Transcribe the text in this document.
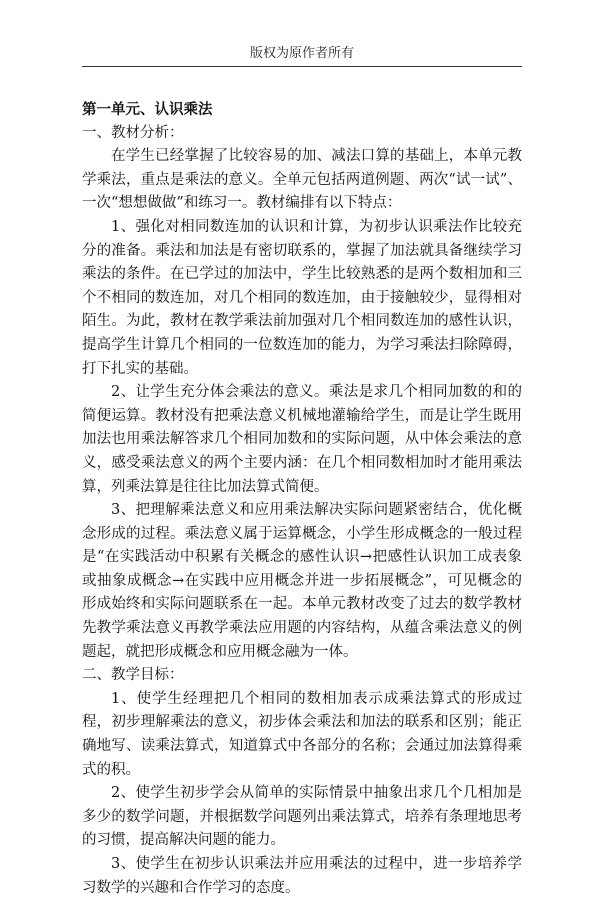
版权为原作者所有

第一单元、认识乘法

一、教材分析：

在学生已经掌握了比较容易的加、减法口算的基础上，本单元教学乘法，重点是乘法的意义。全单元包括两道例题、两次“试一试”、一次“想想做做”和练习一。教材编排有以下特点：

1、强化对相同数连加的认识和计算，为初步认识乘法作比较充分的准备。乘法和加法是有密切联系的，掌握了加法就具备继续学习乘法的条件。在已学过的加法中，学生比较熟悉的是两个数相加和三个不相同的数连加，对几个相同的数连加，由于接触较少，显得相对陌生。为此，教材在教学乘法前加强对几个相同数连加的感性认识，提高学生计算几个相同的一位数连加的能力，为学习乘法扫除障碍，打下扎实的基础。

2、让学生充分体会乘法的意义。乘法是求几个相同加数的和的简便运算。教材没有把乘法意义机械地灌输给学生，而是让学生既用加法也用乘法解答求几个相同加数和的实际问题，从中体会乘法的意义，感受乘法意义的两个主要内涵：在几个相同数相加时才能用乘法算，列乘法算是往往比加法算式简便。

3、把理解乘法意义和应用乘法解决实际问题紧密结合，优化概念形成的过程。乘法意义属于运算概念，小学生形成概念的一般过程是“在实践活动中积累有关概念的感性认识→把感性认识加工成表象或抽象成概念→在实践中应用概念并进一步拓展概念”，可见概念的形成始终和实际问题联系在一起。本单元教材改变了过去的数学教材先教学乘法意义再教学乘法应用题的内容结构，从蕴含乘法意义的例题起，就把形成概念和应用概念融为一体。

二、教学目标：

1、使学生经理把几个相同的数相加表示成乘法算式的形成过程，初步理解乘法的意义，初步体会乘法和加法的联系和区别；能正确地写、读乘法算式，知道算式中各部分的名称；会通过加法算得乘式的积。

2、使学生初步学会从简单的实际情景中抽象出求几个几相加是多少的数学问题，并根据数学问题列出乘法算式，培养有条理地思考的习惯，提高解决问题的能力。

3、使学生在初步认识乘法并应用乘法的过程中，进一步培养学习数学的兴趣和合作学习的态度。
